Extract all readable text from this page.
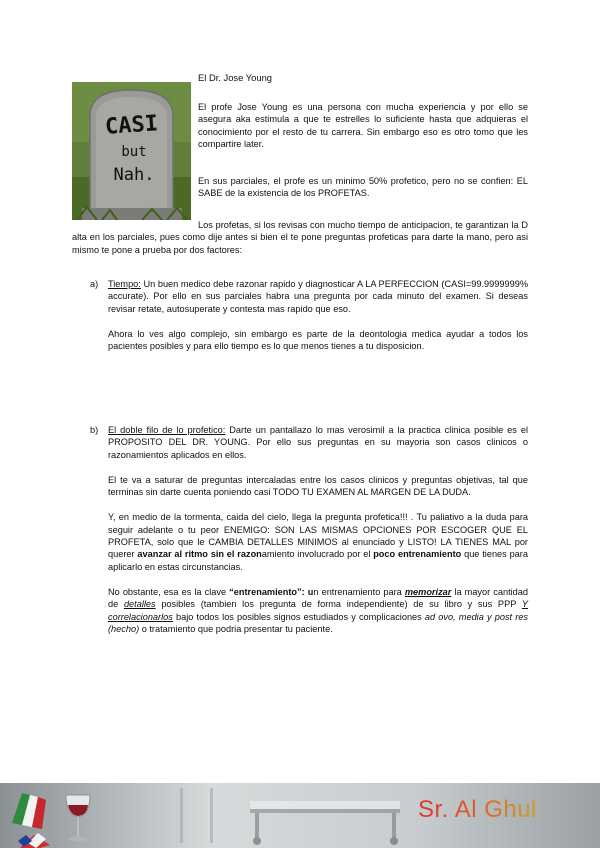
El Dr. Jose Young
CASI
but
Nah.
El profe Jose Young es una persona con mucha experiencia y por ello se asegura aka estimula a que te estrelles lo suficiente hasta que adquieras el conocimiento por el resto de tu carrera. Sin embargo eso es otro tomo que les compartire later.
En sus parciales, el profe es un minimo 50% profetico, pero no se confien: EL SABE de la existencia de los PROFETAS.
Los profetas, si los revisas con mucho tiempo de anticipacion, te garantizan la D alta en los parciales, pues como dije antes si bien el te pone preguntas profeticas para darte la mano, pero asi mismo te pone a prueba por dos factores:
a) Tiempo: Un buen medico debe razonar rapido y diagnosticar A LA PERFECCION (CASI=99.9999999% accurate). Por ello en sus parciales habra una pregunta por cada minuto del examen. Si deseas revisar retate, autosuperate y contesta mas rapido que eso.

Ahora lo ves algo complejo, sin embargo es parte de la deontologia medica ayudar a todos los pacientes posibles y para ello tiempo es lo que menos tienes a tu disposicion.

b) El doble filo de lo profetico: Darte un pantallazo lo mas verosimil a la practica clinica posible es el PROPOSITO DEL DR. YOUNG. Por ello sus preguntas en su mayoria son casos clinicos o razonamientos aplicados en ellos.

El te va a saturar de preguntas intercaladas entre los casos clinicos y preguntas objetivas, tal que terminas sin darte cuenta poniendo casi TODO TU EXAMEN AL MARGEN DE LA DUDA.

Y, en medio de la tormenta, caida del cielo, llega la pregunta profetica!!! . Tu paliativo a la duda para seguir adelante o tu peor ENEMIGO: SON LAS MISMAS OPCIONES POR ESCOGER QUE EL PROFETA, solo que le CAMBIA DETALLES MINIMOS al enunciado y LISTO! LA TIENES MAL por querer avanzar al ritmo sin el razonamiento involucrado por el poco entrenamiento que tienes para aplicarlo en estas circunstancias.

No obstante, esa es la clave “entrenamiento”: un entrenamiento para memorizar la mayor cantidad de detalles posibles (tambien los pregunta de forma independiente) de su libro y sus PPP Y correlacionarlos bajo todos los posibles signos estudiados y complicaciones ad ovo, media y post res (hecho) o tratamiento que podria presentar tu paciente.

Sr. Al Ghul
